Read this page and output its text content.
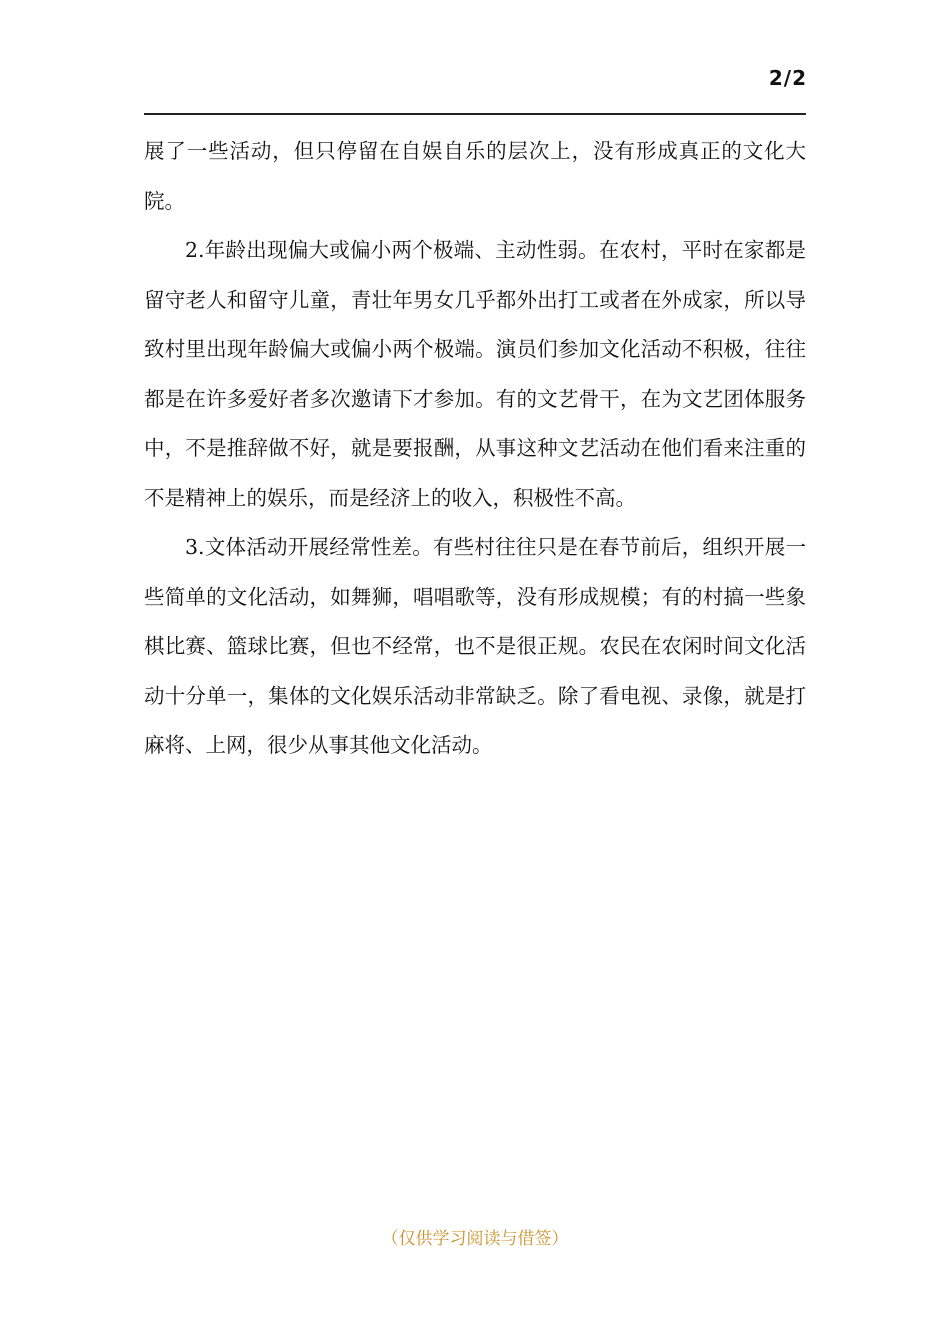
2/2

展了一些活动，但只停留在自娱自乐的层次上，没有形成真正的文化大院。

2.年龄出现偏大或偏小两个极端、主动性弱。在农村，平时在家都是留守老人和留守儿童，青壮年男女几乎都外出打工或者在外成家，所以导致村里出现年龄偏大或偏小两个极端。演员们参加文化活动不积极，往往都是在许多爱好者多次邀请下才参加。有的文艺骨干，在为文艺团体服务中，不是推辞做不好，就是要报酬，从事这种文艺活动在他们看来注重的不是精神上的娱乐，而是经济上的收入，积极性不高。

3.文体活动开展经常性差。有些村往往只是在春节前后，组织开展一些简单的文化活动，如舞狮，唱唱歌等，没有形成规模；有的村搞一些象棋比赛、篮球比赛，但也不经常，也不是很正规。农民在农闲时间文化活动十分单一，集体的文化娱乐活动非常缺乏。除了看电视、录像，就是打麻将、上网，很少从事其他文化活动。

（仅供学习阅读与借签）
